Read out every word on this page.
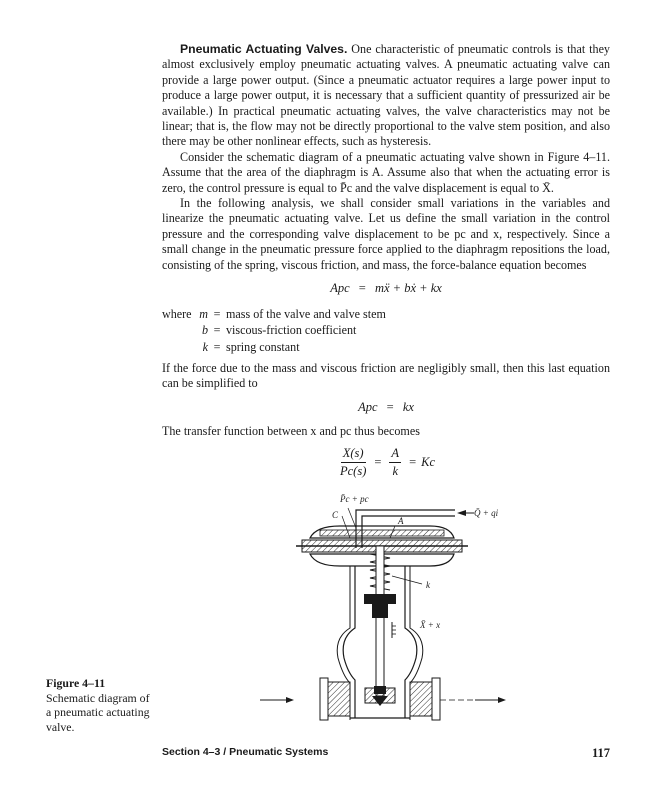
Pneumatic Actuating Valves. One characteristic of pneumatic controls is that they almost exclusively employ pneumatic actuating valves. A pneumatic actuating valve can provide a large power output. (Since a pneumatic actuator requires a large power input to produce a large power output, it is necessary that a sufficient quantity of pressurized air be available.) In practical pneumatic actuating valves, the valve characteristics may not be linear; that is, the flow may not be directly proportional to the valve stem position, and also there may be other nonlinear effects, such as hysteresis.

Consider the schematic diagram of a pneumatic actuating valve shown in Figure 4–11. Assume that the area of the diaphragm is A. Assume also that when the actuating error is zero, the control pressure is equal to P̄c and the valve displacement is equal to X̄.

In the following analysis, we shall consider small variations in the variables and linearize the pneumatic actuating valve. Let us define the small variation in the control pressure and the corresponding valve displacement to be pc and x, respectively. Since a small change in the pneumatic pressure force applied to the diaphragm repositions the load, consisting of the spring, viscous friction, and mass, the force-balance equation becomes

Apc = mẍ + bẋ + kx
where m = mass of the valve and valve stem
b = viscous-friction coefficient
k = spring constant

If the force due to the mass and viscous friction are negligibly small, then this last equation can be simplified to

Apc = kx

The transfer function between x and pc thus becomes

$\frac{X(s)}{Pc(s)} = \frac{A}{k} = Kc$
P̄c + pc
C
A
Q̄ + qi
k
X̄ + x
Figure 4–11
Schematic diagram of a pneumatic actuating valve.
Section 4–3 / Pneumatic Systems	117
